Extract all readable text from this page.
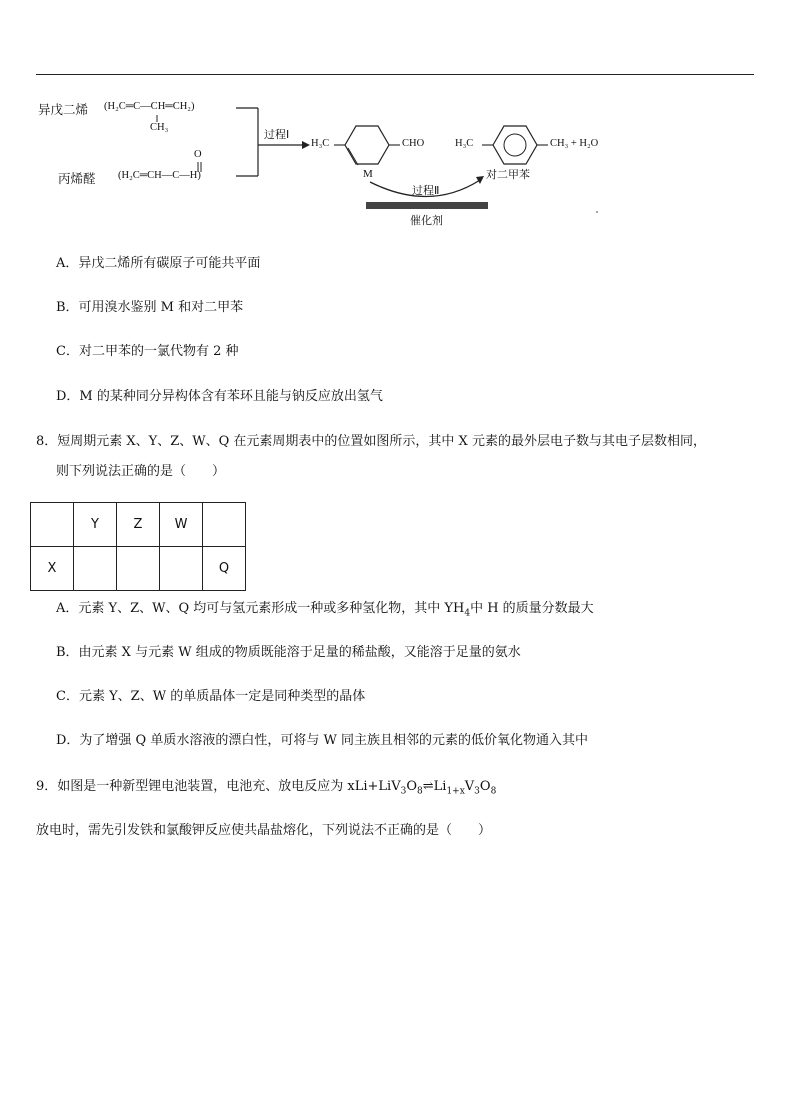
异戊二烯 (H₂C═C—CH═CH₂)
CH₃
丙烯醛
O
(H₂C═CH—C—H)
过程Ⅰ
H₃C	CHO
M
H₃C	CH₃ + H₂O
对二甲苯
过程Ⅱ
催化剂
A．异戊二烯所有碳原子可能共平面
B．可用溴水鉴别 M 和对二甲苯
C．对二甲苯的一氯代物有 2 种
D．M 的某种同分异构体含有苯环且能与钠反应放出氢气
8．短周期元素 X、Y、Z、W、Q 在元素周期表中的位置如图所示，其中 X 元素的最外层电子数与其电子层数相同，
则下列说法正确的是（　　）
	Y	Z	W	
X				Q
A．元素 Y、Z、W、Q 均可与氢元素形成一种或多种氢化物，其中 $YH_4$中 H 的质量分数最大
B．由元素 X 与元素 W 组成的物质既能溶于足量的稀盐酸，又能溶于足量的氨水
C．元素 Y、Z、W 的单质晶体一定是同种类型的晶体
D．为了增强 Q 单质水溶液的漂白性，可将与 W 同主族且相邻的元素的低价氧化物通入其中
9．如图是一种新型锂电池装置，电池充、放电反应为 $xLi+LiV_3O_8\rightleftharpoons Li_{1+x}V_3O_8$
放电时，需先引发铁和氯酸钾反应使共晶盐熔化，下列说法不正确的是（　　）
